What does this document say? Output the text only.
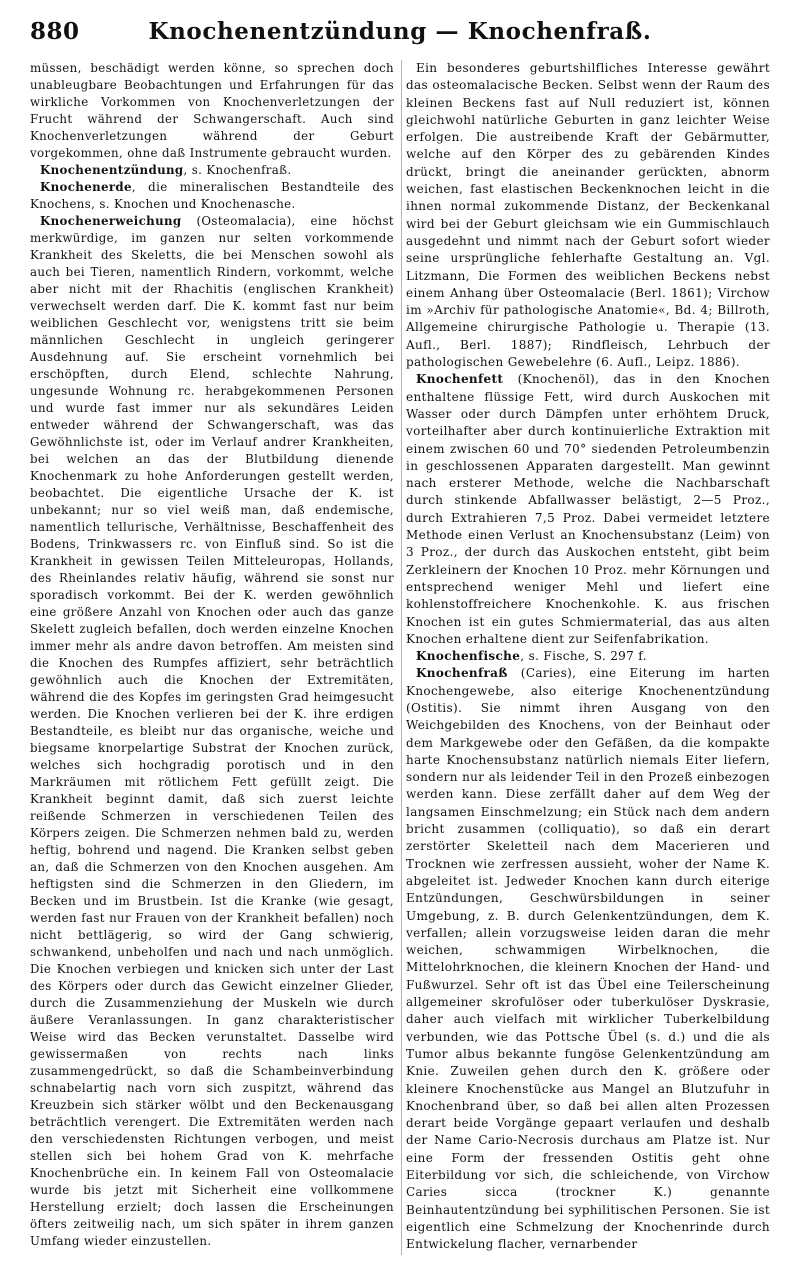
880	Knochenentzündung — Knochenfraß.

müssen, beschädigt werden könne, so sprechen doch unableugbare Beobachtungen und Erfahrungen für das wirkliche Vorkommen von Knochenverletzungen der Frucht während der Schwangerschaft. Auch sind Knochenverletzungen während der Geburt vorgekommen, ohne daß Instrumente gebraucht wurden.

Knochenentzündung, s. Knochenfraß.

Knochenerde, die mineralischen Bestandteile des Knochens, s. Knochen und Knochenasche.

Knochenerweichung (Osteomalacia), eine höchst merkwürdige, im ganzen nur selten vorkommende Krankheit des Skeletts, die bei Menschen sowohl als auch bei Tieren, namentlich Rindern, vorkommt, welche aber nicht mit der Rhachitis (englischen Krankheit) verwechselt werden darf. Die K. kommt fast nur beim weiblichen Geschlecht vor, wenigstens tritt sie beim männlichen Geschlecht in ungleich geringerer Ausdehnung auf. Sie erscheint vornehmlich bei erschöpften, durch Elend, schlechte Nahrung, ungesunde Wohnung rc. herabgekommenen Personen und wurde fast immer nur als sekundäres Leiden entweder während der Schwangerschaft, was das Gewöhnlichste ist, oder im Verlauf andrer Krankheiten, bei welchen an das der Blutbildung dienende Knochenmark zu hohe Anforderungen gestellt werden, beobachtet. Die eigentliche Ursache der K. ist unbekannt; nur so viel weiß man, daß endemische, namentlich tellurische, Verhältnisse, Beschaffenheit des Bodens, Trinkwassers rc. von Einfluß sind. So ist die Krankheit in gewissen Teilen Mitteleuropas, Hollands, des Rheinlandes relativ häufig, während sie sonst nur sporadisch vorkommt. Bei der K. werden gewöhnlich eine größere Anzahl von Knochen oder auch das ganze Skelett zugleich befallen, doch werden einzelne Knochen immer mehr als andre davon betroffen. Am meisten sind die Knochen des Rumpfes affiziert, sehr beträchtlich gewöhnlich auch die Knochen der Extremitäten, während die des Kopfes im geringsten Grad heimgesucht werden. Die Knochen verlieren bei der K. ihre erdigen Bestandteile, es bleibt nur das organische, weiche und biegsame knorpelartige Substrat der Knochen zurück, welches sich hochgradig porotisch und in den Markräumen mit rötlichem Fett gefüllt zeigt. Die Krankheit beginnt damit, daß sich zuerst leichte reißende Schmerzen in verschiedenen Teilen des Körpers zeigen. Die Schmerzen nehmen bald zu, werden heftig, bohrend und nagend. Die Kranken selbst geben an, daß die Schmerzen von den Knochen ausgehen. Am heftigsten sind die Schmerzen in den Gliedern, im Becken und im Brustbein. Ist die Kranke (wie gesagt, werden fast nur Frauen von der Krankheit befallen) noch nicht bettlägerig, so wird der Gang schwierig, schwankend, unbeholfen und nach und nach unmöglich. Die Knochen verbiegen und knicken sich unter der Last des Körpers oder durch das Gewicht einzelner Glieder, durch die Zusammenziehung der Muskeln wie durch äußere Veranlassungen. In ganz charakteristischer Weise wird das Becken verunstaltet. Dasselbe wird gewissermaßen von rechts nach links zusammengedrückt, so daß die Schambeinverbindung schnabelartig nach vorn sich zuspitzt, während das Kreuzbein sich stärker wölbt und den Beckenausgang beträchtlich verengert. Die Extremitäten werden nach den verschiedensten Richtungen verbogen, und meist stellen sich bei hohem Grad von K. mehrfache Knochenbrüche ein. In keinem Fall von Osteomalacie wurde bis jetzt mit Sicherheit eine vollkommene Herstellung erzielt; doch lassen die Erscheinungen öfters zeitweilig nach, um sich später in ihrem ganzen Umfang wieder einzustellen.

Ein besonderes geburtshilfliches Interesse gewährt das osteomalacische Becken. Selbst wenn der Raum des kleinen Beckens fast auf Null reduziert ist, können gleichwohl natürliche Geburten in ganz leichter Weise erfolgen. Die austreibende Kraft der Gebärmutter, welche auf den Körper des zu gebärenden Kindes drückt, bringt die aneinander gerückten, abnorm weichen, fast elastischen Beckenknochen leicht in die ihnen normal zukommende Distanz, der Beckenkanal wird bei der Geburt gleichsam wie ein Gummischlauch ausgedehnt und nimmt nach der Geburt sofort wieder seine ursprüngliche fehlerhafte Gestaltung an. Vgl. Litzmann, Die Formen des weiblichen Beckens nebst einem Anhang über Osteomalacie (Berl. 1861); Virchow im »Archiv für pathologische Anatomie«, Bd. 4; Billroth, Allgemeine chirurgische Pathologie u. Therapie (13. Aufl., Berl. 1887); Rindfleisch, Lehrbuch der pathologischen Gewebelehre (6. Aufl., Leipz. 1886).

Knochenfett (Knochenöl), das in den Knochen enthaltene flüssige Fett, wird durch Auskochen mit Wasser oder durch Dämpfen unter erhöhtem Druck, vorteilhafter aber durch kontinuierliche Extraktion mit einem zwischen 60 und 70° siedenden Petroleumbenzin in geschlossenen Apparaten dargestellt. Man gewinnt nach ersterer Methode, welche die Nachbarschaft durch stinkende Abfallwasser belästigt, 2—5 Proz., durch Extrahieren 7,5 Proz. Dabei vermeidet letztere Methode einen Verlust an Knochensubstanz (Leim) von 3 Proz., der durch das Auskochen entsteht, gibt beim Zerkleinern der Knochen 10 Proz. mehr Körnungen und entsprechend weniger Mehl und liefert eine kohlenstoffreichere Knochenkohle. K. aus frischen Knochen ist ein gutes Schmiermaterial, das aus alten Knochen erhaltene dient zur Seifenfabrikation.

Knochenfische, s. Fische, S. 297 f.

Knochenfraß (Caries), eine Eiterung im harten Knochengewebe, also eiterige Knochenentzündung (Ostitis). Sie nimmt ihren Ausgang von den Weichgebilden des Knochens, von der Beinhaut oder dem Markgewebe oder den Gefäßen, da die kompakte harte Knochensubstanz natürlich niemals Eiter liefern, sondern nur als leidender Teil in den Prozeß einbezogen werden kann. Diese zerfällt daher auf dem Weg der langsamen Einschmelzung; ein Stück nach dem andern bricht zusammen (colliquatio), so daß ein derart zerstörter Skeletteil nach dem Macerieren und Trocknen wie zerfressen aussieht, woher der Name K. abgeleitet ist. Jedweder Knochen kann durch eiterige Entzündungen, Geschwürsbildungen in seiner Umgebung, z. B. durch Gelenkentzündungen, dem K. verfallen; allein vorzugsweise leiden daran die mehr weichen, schwammigen Wirbelknochen, die Mittelohrknochen, die kleinern Knochen der Hand- und Fußwurzel. Sehr oft ist das Übel eine Teilerscheinung allgemeiner skrofulöser oder tuberkulöser Dyskrasie, daher auch vielfach mit wirklicher Tuberkelbildung verbunden, wie das Pottsche Übel (s. d.) und die als Tumor albus bekannte fungöse Gelenkentzündung am Knie. Zuweilen gehen durch den K. größere oder kleinere Knochenstücke aus Mangel an Blutzufuhr in Knochenbrand über, so daß bei allen alten Prozessen derart beide Vorgänge gepaart verlaufen und deshalb der Name Cario-Necrosis durchaus am Platze ist. Nur eine Form der fressenden Ostitis geht ohne Eiterbildung vor sich, die schleichende, von Virchow Caries sicca (trockner K.) genannte Beinhautentzündung bei syphilitischen Personen. Sie ist eigentlich eine Schmelzung der Knochenrinde durch Entwickelung flacher, vernarbender
